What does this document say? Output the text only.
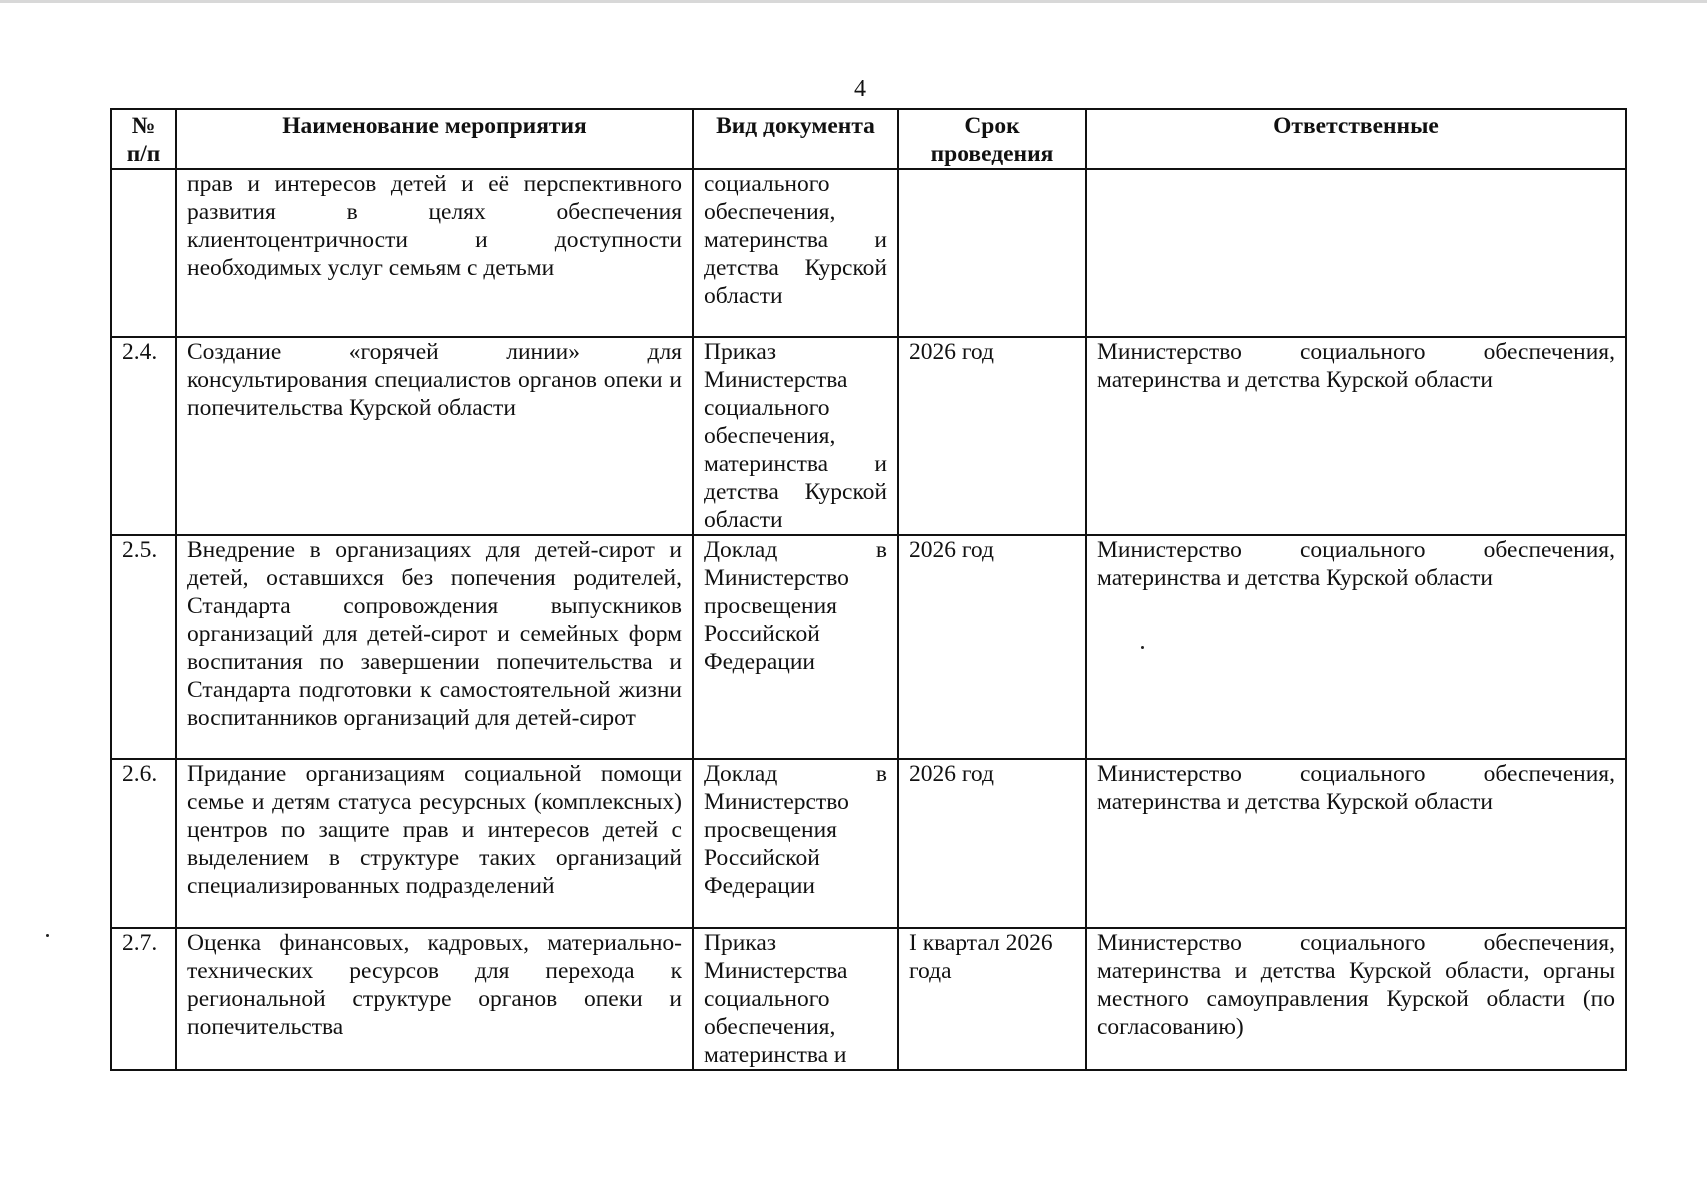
4
№ п/п	Наименование мероприятия	Вид документа	Срок проведения	Ответственные
	прав и интересов детей и её перспективного развития в целях обеспечения клиентоцентричности и доступности необходимых услуг семьям с детьми	социального обеспечения, материнства и детства Курской области		
2.4.	Создание «горячей линии» для консультирования специалистов органов опеки и попечительства Курской области	Приказ Министерства социального обеспечения, материнства и детства Курской области	2026 год	Министерство социального обеспечения, материнства и детства Курской области
2.5.	Внедрение в организациях для детей-сирот и детей, оставшихся без попечения родителей, Стандарта сопровождения выпускников организаций для детей-сирот и семейных форм воспитания по завершении попечительства и Стандарта подготовки к самостоятельной жизни воспитанников организаций для детей-сирот	Доклад в Министерство просвещения Российской Федерации	2026 год	Министерство социального обеспечения, материнства и детства Курской области
2.6.	Придание организациям социальной помощи семье и детям статуса ресурсных (комплексных) центров по защите прав и интересов детей с выделением в структуре таких организаций специализированных подразделений	Доклад в Министерство просвещения Российской Федерации	2026 год	Министерство социального обеспечения, материнства и детства Курской области
2.7.	Оценка финансовых, кадровых, материально-технических ресурсов для перехода к региональной структуре органов опеки и попечительства	Приказ Министерства социального обеспечения, материнства и	I квартал 2026 года	Министерство социального обеспечения, материнства и детства Курской области, органы местного самоуправления Курской области (по согласованию)
